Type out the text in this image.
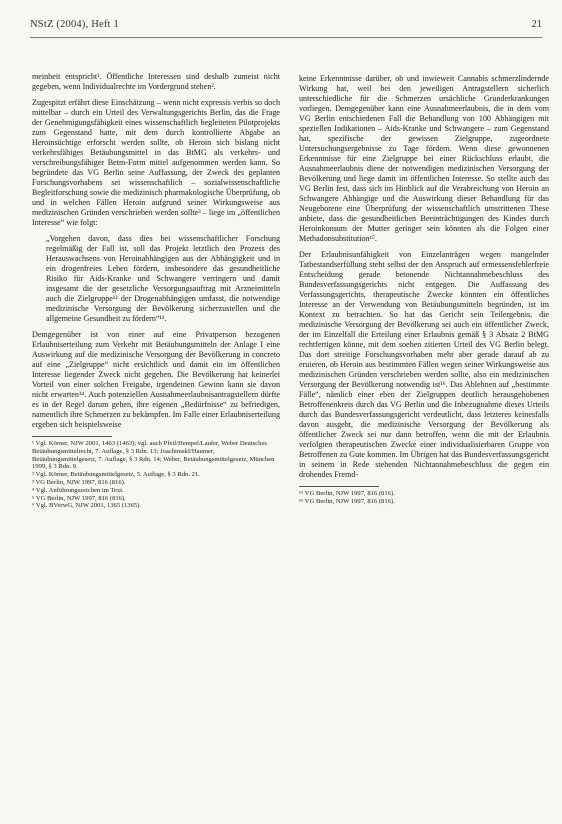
NStZ (2004), Heft 1	21

meinheit entspricht¹. Öffentliche Interessen sind deshalb zumeist nicht gegeben, wenn Individualrechte im Vordergrund stehen².

Zugespitzt erfährt diese Einschätzung – wenn nicht expressis verbis so doch mittelbar – durch ein Urteil des Verwaltungsgerichts Berlin, das die Frage der Genehmigungsfähigkeit eines wissenschaftlich begleiteten Pilotprojekts zum Gegenstand hatte, mit dem durch kontrollierte Abgabe an Heroinsüchtige erforscht werden sollte, ob Heroin sich bislang nicht verkehrsfähiges Betäubungsmittel in das BtMG als verkehrs- und verschreibungsfähiger Betm-Form mittel aufgenommen werden kann. So begründete das VG Berlin seine Auffassung, der Zweck des geplanten Forschungsvorhabens sei wissenschaftlich – sozialwissenschaftliche Begleitforschung sowie die medizinisch pharmakologische Überprüfung, ob und in welchen Fällen Heroin aufgrund seiner Wirkungsweise aus medizinischen Gründen verschrieben werden sollte³ – liege im „öffentlichen Interesse“ wie folgt:

„Vorgehen davon, dass dies bei wissenschaftlicher Forschung regelmäßig der Fall ist, soll das Projekt letztlich den Prozess des Herauswachsens von Heroinabhängigen aus der Abhängigkeit und in ein drogenfreies Leben fördern, insbesondere das gesundheitliche Risiko für Aids-Kranke und Schwangere verringern und damit insgesamt die der gesetzliche Versorgungsauftrag mit Arzneimitteln auch die Zielgruppe¹² der Drogenabhängigen umfasst, die notwendige medizinische Versorgung der Bevölkerung sicherzustellen und die allgemeine Gesundheit zu fördern“¹³.

Demgegenüber ist von einer auf eine Privatperson bezogenen Erlaubniserteilung zum Verkehr mit Betäubungsmitteln der Anlage I eine Auswirkung auf die medizinische Versorgung der Bevölkerung in concreto auf eine „Zielgruppe“ nicht ersichtlich und damit ein im öffentlichen Interesse liegender Zweck nicht gegeben. Die Bevölkerung hat keinerlei Vorteil von einer solchen Freigabe, irgendeinen Gewinn kann sie davon nicht erwarten¹⁴. Auch potenziellen Ausnahmeerlaubnisantragstellern dürfte es in der Regel darum gehen, ihre eigenen „Bedürfnisse“ zu befriedigen, namentlich ihre Schmerzen zu bekämpfen. Im Falle einer Erlaubniserteilung ergeben sich beispielsweise

¹ Vgl. Körner, NJW 2001, 1463 (1463); vgl. auch Pfeil/Hempel/Laufer, Weber Deutsches Betäubungsmittelrecht, 7. Auflage, § 3 Rdn. 13; JoachimskI/Haumer, Betäubungsmittelgesetz, 7. Auflage, § 3 Rdn. 14; Weber, Betäubungsmittelgesetz, München 1999, § 3 Rdn. 9.
² Vgl. Körner, Betäubungsmittelgesetz, 5. Auflage, § 3 Rdn. 21.
³ VG Berlin, NJW 1997, 816 (816).
⁴ Vgl. Anführungszeichen im Text.
⁵ VG Berlin, NJW 1997, 816 (816).
⁶ Vgl. BVerwG, NJW 2001, 1365 (1365).

keine Erkenntnisse darüber, ob und inwieweit Cannabis schmerzlindernde Wirkung hat, weil bei den jeweiligen Antragstellern sicherlich unterschiedliche für die Schmerzen ursächliche Grunderkrankungen vorliegen. Demgegenüber kann eine Ausnahmeerlaubnis, die in dem vom VG Berlin entschiedenen Fall die Behandlung von 100 Abhängigen mit speziellen Indikationen – Aids-Kranke und Schwangere – zum Gegenstand hat, spezifische der gewissen Zielgruppe, zugeordnete Untersuchungsergebnisse zu Tage fördern. Wenn diese gewonnenen Erkenntnisse für eine Zielgruppe bei einer Rückschluss erlaubt, die Ausnahmeerlaubnis diene der notwendigen medizinischen Versorgung der Bevölkerung und liege damit im öffentlichen Interesse. So stellte auch das VG Berlin fest, dass sich im Hinblick auf die Verabreichung von Heroin an Schwangere Abhängige und die Auswirkung dieser Behandlung für das Neugeborene eine Überprüfung der wissenschaftlich umstrittenen These anbiete, dass die gesundheitlichen Beeinträchtigungen des Kindes durch Heroinkonsum der Mutter geringer sein könnten als die Folgen einer Methadonsubstitution¹⁵.

Der Erlaubnisunfähigkeit von Einzelanträgen wegen mangelnder Tatbestandserfüllung steht selbst der den Anspruch auf ermessensfehlerfreie Entscheidung gerade betonende Nichtannahmebeschluss des Bundesverfassungsgerichts nicht entgegen. Die Auffassung des Verfassungsgerichts, therapeutische Zwecke könnten ein öffentliches Interesse an der Verwendung von Betäubungsmitteln begründen, ist im Kontext zu betrachten. So hat das Gericht sein Teilergebnis, die medizinische Versorgung der Bevölkerung sei auch ein öffentlicher Zweck, der im Einzelfall die Erteilung einer Erlaubnis gemäß § 3 Absatz 2 BtMG rechtfertigen könne, mit dem soeben zitierten Urteil des VG Berlin belegt. Das dort streitige Forschungsvorhaben mehr aber gerade darauf ab zu eruieren, ob Heroin aus bestimmten Fällen wegen seiner Wirkungsweise aus medizinischen Gründen verschrieben werden sollte, also ein medizinischen Versorgung der Bevölkerung notwendig ist¹⁶. Das Ablehnen auf „bestimmte Fälle“, nämlich einer eben der Zielgruppen deutlich herausgehobenen Betroffenenkreis durch das VG Berlin und die Inbezugnahme dieses Urteils durch das Bundesverfassungsgericht verdeutlicht, dass letzteres keinesfalls davon ausgeht, die medizinische Versorgung der Bevölkerung als öffentlicher Zweck sei nur dann betroffen, wenn die mit der Erlaubnis verfolgten therapeutischen Zwecke einer individualisierbaren Gruppe von Betroffenen zu Gute kommen. Im Übrigen hat das Bundesverfassungsgericht in seinem in Rede stehenden Nichtannahmebeschluss die gegen ein drohendes Fremd-

¹⁵ VG Berlin, NJW 1997, 816 (816).
¹⁶ VG Berlin, NJW 1997, 816 (816).
